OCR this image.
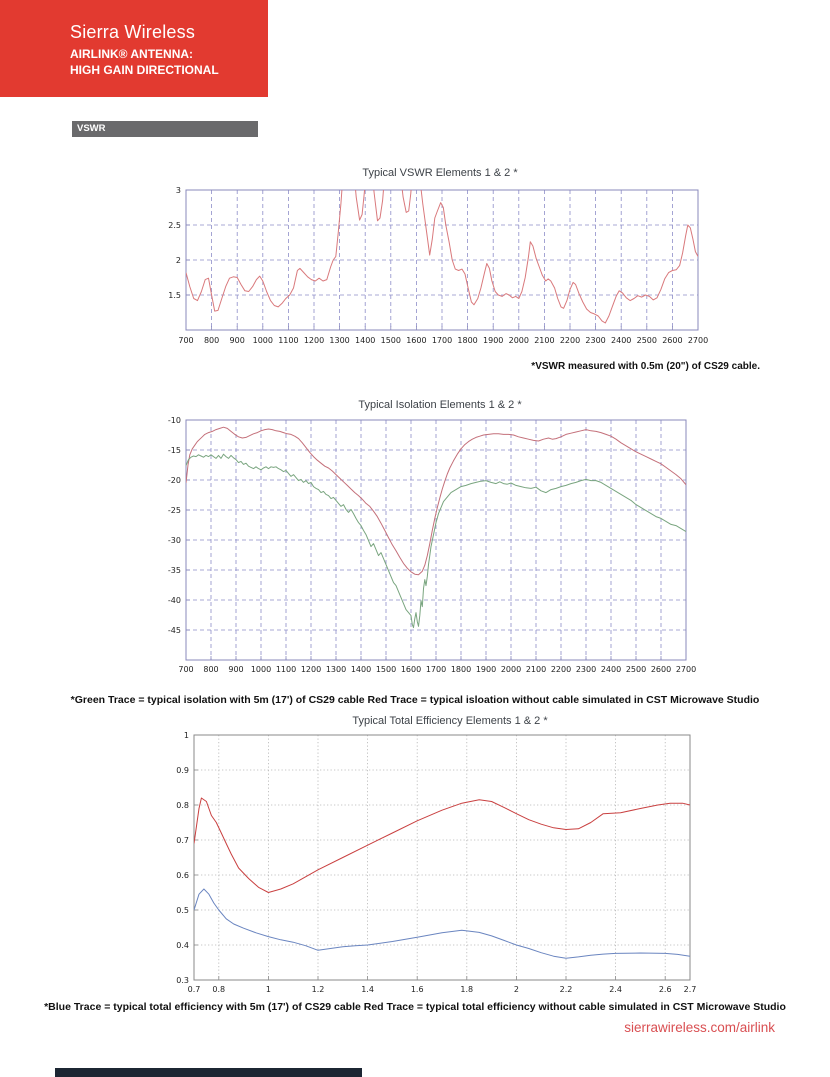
Sierra Wireless
AIRLINK® ANTENNA:
HIGH GAIN DIRECTIONAL
VSWR
Typical VSWR Elements 1 & 2 *
700 800 900 1000 1100 1200 1300 1400 1500 1600 1700 1800 1900 2000 2100 2200 2300 2400 2500 2600 2700
1.5
2
2.5
3
*VSWR measured with 0.5m (20") of CS29 cable.
Typical Isolation Elements 1 & 2 *
700 800 900 1000 1100 1200 1300 1400 1500 1600 1700 1800 1900 2000 2100 2200 2300 2400 2500 2600 2700
-45
-40
-35
-30
-25
-20
-15
-10
*Green Trace = typical isolation with 5m (17') of CS29 cable Red Trace = typical isloation without cable simulated in CST Microwave Studio
Typical Total Efficiency Elements 1 & 2 *
0.7 0.8	1	1.2	1.4	1.6	1.8	2	2.2	2.4	2.6 2.7
0.3
0.4
0.5
0.6
0.7
0.8
0.9
1
*Blue Trace = typical total efficiency with 5m (17') of CS29 cable Red Trace = typical total efficiency without cable simulated in CST Microwave Studio
sierrawireless.com/airlink
